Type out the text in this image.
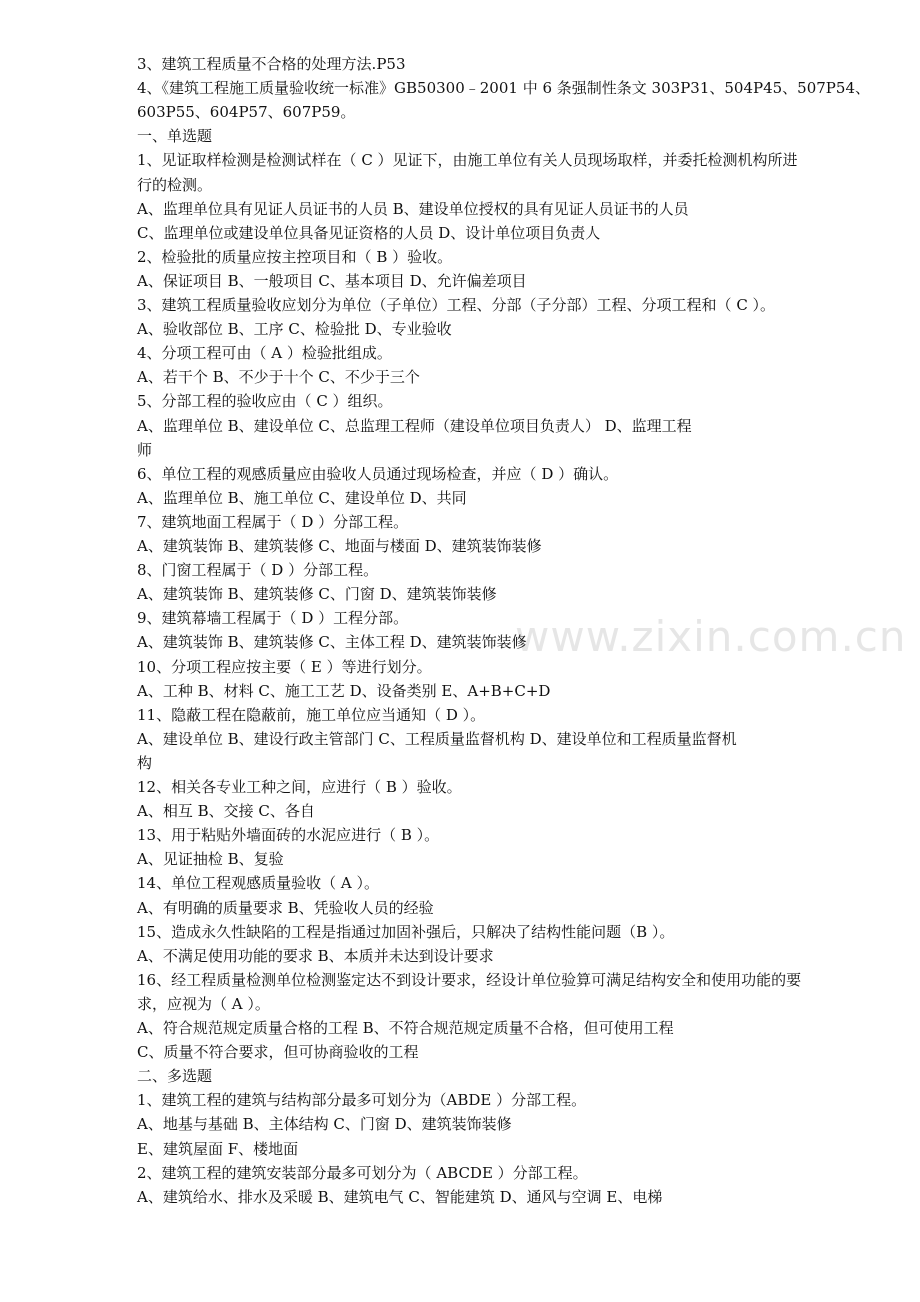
www.zixin.com.cn
3、建筑工程质量不合格的处理方法.P53
4、《建筑工程施工质量验收统一标准》GB50300﹣2001 中 6 条强制性条文 303P31、504P45、507P54、
603P55、604P57、607P59。
一、单选题
1、见证取样检测是检测试样在（ C ）见证下，由施工单位有关人员现场取样，并委托检测机构所进
行的检测。
A、监理单位具有见证人员证书的人员 B、建设单位授权的具有见证人员证书的人员
C、监理单位或建设单位具备见证资格的人员 D、设计单位项目负责人
2、检验批的质量应按主控项目和（ B ）验收。
A、保证项目 B、一般项目 C、基本项目 D、允许偏差项目
3、建筑工程质量验收应划分为单位（子单位）工程、分部（子分部）工程、分项工程和（ C ）。
A、验收部位 B、工序 C、检验批 D、专业验收
4、分项工程可由（ A ）检验批组成。
A、若干个 B、不少于十个 C、不少于三个
5、分部工程的验收应由（ C ）组织。
A、监理单位 B、建设单位 C、总监理工程师（建设单位项目负责人） D、监理工程
师
6、单位工程的观感质量应由验收人员通过现场检查，并应（ D ）确认。
A、监理单位 B、施工单位 C、建设单位 D、共同
7、建筑地面工程属于（ D ）分部工程。
A、建筑装饰 B、建筑装修 C、地面与楼面 D、建筑装饰装修
8、门窗工程属于（ D ）分部工程。
A、建筑装饰 B、建筑装修 C、门窗 D、建筑装饰装修
9、建筑幕墙工程属于（ D ）工程分部。
A、建筑装饰 B、建筑装修 C、主体工程 D、建筑装饰装修
10、分项工程应按主要（ E ）等进行划分。
A、工种 B、材料 C、施工工艺 D、设备类别 E、A+B+C+D
11、隐蔽工程在隐蔽前，施工单位应当通知（ D ）。
A、建设单位 B、建设行政主管部门 C、工程质量监督机构 D、建设单位和工程质量监督机
构
12、相关各专业工种之间，应进行（ B ）验收。
A、相互 B、交接 C、各自
13、用于粘贴外墙面砖的水泥应进行（ B ）。
A、见证抽检 B、复验
14、单位工程观感质量验收（ A ）。
A、有明确的质量要求 B、凭验收人员的经验
15、造成永久性缺陷的工程是指通过加固补强后，只解决了结构性能问题（B ）。
A、不满足使用功能的要求 B、本质并未达到设计要求
16、经工程质量检测单位检测鉴定达不到设计要求，经设计单位验算可满足结构安全和使用功能的要
求，应视为（ A ）。
A、符合规范规定质量合格的工程 B、不符合规范规定质量不合格，但可使用工程
C、质量不符合要求，但可协商验收的工程
二、多选题
1、建筑工程的建筑与结构部分最多可划分为（ABDE ）分部工程。
A、地基与基础 B、主体结构 C、门窗 D、建筑装饰装修
E、建筑屋面 F、楼地面
2、建筑工程的建筑安装部分最多可划分为（ ABCDE ）分部工程。
A、建筑给水、排水及采暖 B、建筑电气 C、智能建筑 D、通风与空调 E、电梯
